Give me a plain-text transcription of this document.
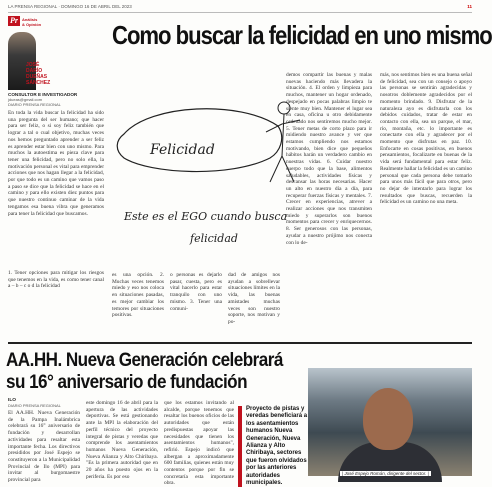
LA PRENSA REGIONAL · DOMINGO 16 DE ABRIL DEL 2023	11
Pr	Análisis
& Opinión	Como buscar la felicidad en uno mismo
JOSÉ
DARÍO
DUEÑAS
SÁNCHEZ
CONSULTOR E INVESTIGADOR
jdueas@gmail.com
DIARIO PRENSA REGIONAL
En toda la vida buscar la felicidad ha sido una pregunta del ser humano; que hacer para ser feliz, o si soy feliz también que lograr a tal o cual objetivo, muchas veces nos hemos preguntado aprender a ser feliz es aprender estar bien con uno mismo. Para muchos la autoestima es pieza clave para tener una felicidad, pero no solo ella, la motivación personal es vital para emprender acciones que nos hagan llegar a la felicidad, por que todo es un camino que vamos paso a paso se dice que la felicidad se hace en el camino y para ello existen diez puntos para que nuestro continuo caminar de la vida tengamos esa buena vibra que generamos para tener la felicidad que buscamos.
1. Tener opciones para mitigar los riesgos que tenemos en la vida, es como tener canal a – b – c o d la felicidad
Felicidad
Este es el EGO cuando busca
felicidad
es una opción. 2. Muchas veces tenemos miedo y eso nos coloca en situaciones pasadas, es mejor cambiar los temores por situaciones positivas.
o personas es dejarlo pasar, cuesta, pero es vital hacerlo para estar tranquilo con uno mismo. 3. Tener una comuni-
dad de amigos nos ayudan a sobrellevar situaciones límites en la vida, las buenas amistades muchas veces son nuestro soporte, nos motivan y po-
demos compartir las buenas y malas nuevas haciendo más llevadera la situación. 4. El orden y limpieza para muchos, mantener un hogar ordenado, despejado en pocas palabras limpio te siente muy bien. Mantener el lugar sea en casa, oficina u otro debidamente ordenado nos sentiremos mucho mejor. 5. Tener metas de corto plazo para ir midiendo nuestro avance y ver que estamos cumpliendo nos estamos motivando, bien dice que pequeños hábitos harán un verdadero cambio en nuestras vidas. 6. Cuidar nuestro cuerpo todo que la base, alimentos saludables, actividades físicas y descansar las horas necesarias. Hacer un alto en nuestro día a día, para recuperar fuerzas físicas y mentales. 7. Crecer en experiencias, atrever a realizar acciones que nos transmiten miedo y superarlos son buenos momentos para crecer y enriquecernos. 8. Ser generosos con las personas, ayudar a nuestro prójimo nos conecta con lo de-
más, nos sentimos bien es una buena señal de felicidad, sea con un consejo o apoyo las personas se sentirán agradecidas y nosotros doblemente agradecidos por el momento brindado. 9. Disfrutar de la naturaleza ayo es disfrutarla con los debidos cuidados, tratar de estar en contacto con ella, sea un parque, el mar, río, montaña, etc. lo importante es conectarte con ella y agradecer por el momento que disfrutas en paz. 10. Enfocarte en cosas positivas, en buenos pensamientos, focalizarte en buenas de la vida será fundamental para estar feliz. Realmente hallar la felicidad es un camino personal que cada persona debe tomarlo para unos más fácil que para otros, pero no dejar de intentarlo para lograr los resultados que buscas, recuerden la felicidad es un camino no una meta.
AA.HH. Nueva Generación celebrará
su 16° aniversario de fundación
ILO
DIARIO PRENSA REGIONAL
El AA.HH. Nueva Generación de la Pampa Inalámbrica celebrará su 16° aniversario de fundación y desarrollan actividades para resaltar esta importante fecha. Los directivos presididos por José Espejo se constituyeron a la Municipalidad Provincial de Ilo (MPI) para invitar al burgomaestre provincial para
este domingo 16 de abril para la apertura de las actividades deportivas. Se está gestionando ante la MPI la elaboración del perfil técnico del proyecto integral de pistas y veredas que comprende los asentamientos humanos Nueva Generación, Nueva Alianza y Alto Chiribaya. "Es la primera autoridad que en 20 años ha puesto ojos en la periferia. Es por eso
que los estamos invitando al alcalde, porque tenemos que resaltar los buenos oficios de las autoridades que están predispuestas apoyar las necesidades que tienen los asentamientos humanos", refirió. Espejo indicó que albergan a aproximadamente 600 familias, quienes están muy contentos porque por fin se concretaría esta importante obra.
Proyecto de pistas y veredas beneficiará a los asentamientos humanos Nueva Generación, Nueva Alianza y Alto Chiribaya, sectores que fueron olvidados por las anteriores autoridades municipales.
| José Espejo Román, dirigente del sector. |
